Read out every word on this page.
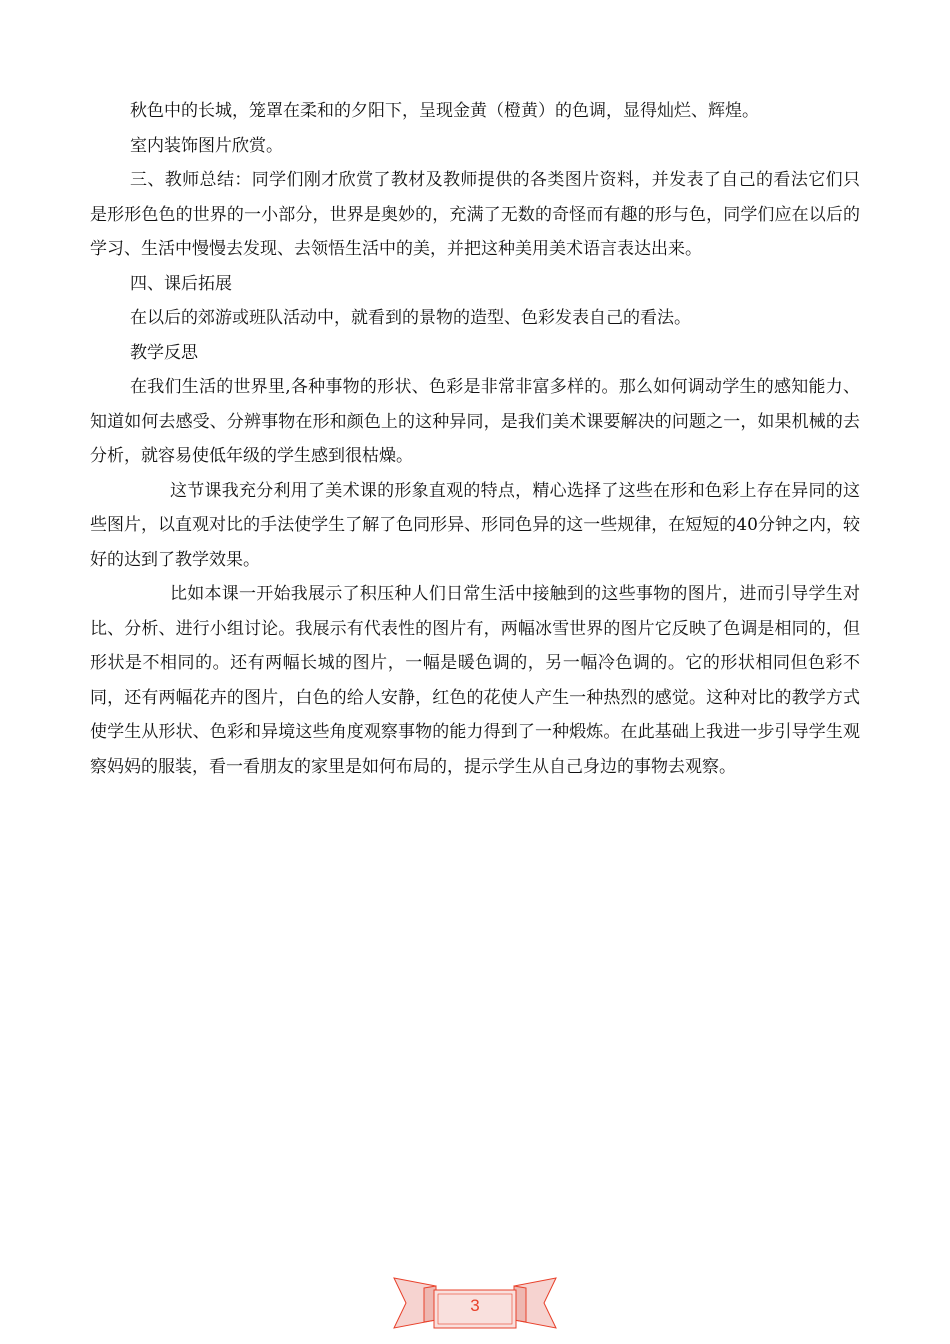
秋色中的长城，笼罩在柔和的夕阳下，呈现金黄（橙黄）的色调，显得灿烂、辉煌。

室内装饰图片欣赏。

三、教师总结：同学们刚才欣赏了教材及教师提供的各类图片资料，并发表了自己的看法它们只是形形色色的世界的一小部分，世界是奥妙的，充满了无数的奇怪而有趣的形与色，同学们应在以后的学习、生活中慢慢去发现、去领悟生活中的美，并把这种美用美术语言表达出来。

四、课后拓展

在以后的郊游或班队活动中，就看到的景物的造型、色彩发表自己的看法。

教学反思

在我们生活的世界里,各种事物的形状、色彩是非常非富多样的。那么如何调动学生的感知能力、知道如何去感受、分辨事物在形和颜色上的这种异同，是我们美术课要解决的问题之一，如果机械的去分析，就容易使低年级的学生感到很枯燥。

这节课我充分利用了美术课的形象直观的特点，精心选择了这些在形和色彩上存在异同的这些图片，以直观对比的手法使学生了解了色同形异、形同色异的这一些规律，在短短的40分钟之内，较好的达到了教学效果。

比如本课一开始我展示了积压种人们日常生活中接触到的这些事物的图片，进而引导学生对比、分析、进行小组讨论。我展示有代表性的图片有，两幅冰雪世界的图片它反映了色调是相同的，但形状是不相同的。还有两幅长城的图片，一幅是暖色调的，另一幅冷色调的。它的形状相同但色彩不同，还有两幅花卉的图片，白色的给人安静，红色的花使人产生一种热烈的感觉。这种对比的教学方式使学生从形状、色彩和异境这些角度观察事物的能力得到了一种煅炼。在此基础上我进一步引导学生观察妈妈的服装，看一看朋友的家里是如何布局的，提示学生从自己身边的事物去观察。

3
